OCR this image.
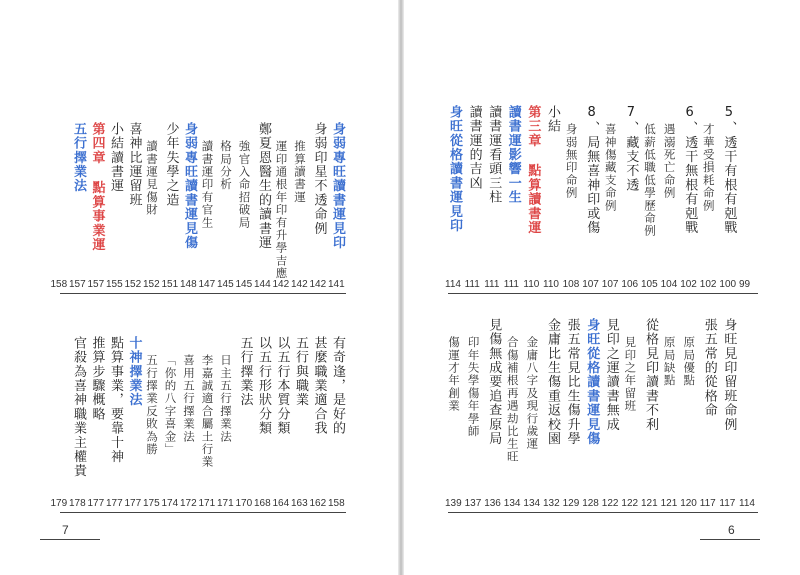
身弱專旺讀書運見印
身弱印星不透命例
推算讀書運
運印通根年印有升學吉應
鄭夏恩醫生的讀書運
強官入命招破局
格局分析
讀書運印有官生
身弱專旺讀書運見傷
少年失學之造
讀書運見傷財
喜神比運留班
小結讀書運
第四章 點算事業運
五行擇業法
141
142
142
142
144
145
145
147
148
151
152
152
155
157
157
158
有奇逢，是好的
甚麼職業適合我
五行與職業
以五行本質分類
以五行形狀分類
五行擇業法
日主五行擇業法
李嘉誠適合屬土行業
喜用五行擇業法
「你的八字喜金」
五行擇業反敗為勝
十神擇業法
點算事業，要靠十神
推算步驟概略
官殺為喜神職業主權貴
158
162
163
164
168
170
171
171
172
174
175
177
177
177
178
179
7
5、透干有根有剋戰
才華受損耗命例
6、透干無根有剋戰
遇溺死亡命例
低薪低職低學歷命例
7、藏支不透
喜神傷藏支命例
8、局無喜神印或傷
身弱無印命例
小結
第三章 點算讀書運
讀書運影響一生
讀書運看頭三柱
讀書運的吉凶
身旺從格讀書運見印
99
100
102
102
104
105
106
107
107
108
110
110
111
111
111
114
身旺見印留班命例
張五常的從格命
原局優點
原局缺點
從格見印讀書不利
見印之年留班
見印之運讀書無成
身旺從格讀書運見傷
張五常見比生傷升學
金庸比生傷重返校園
金庸八字及現行歲運
合傷補根再遇劫比生旺
見傷無成要追查原局
印年失學傷年學師
傷運才年創業
114
117
117
120
121
121
122
122
128
129
132
134
134
136
137
139
6
